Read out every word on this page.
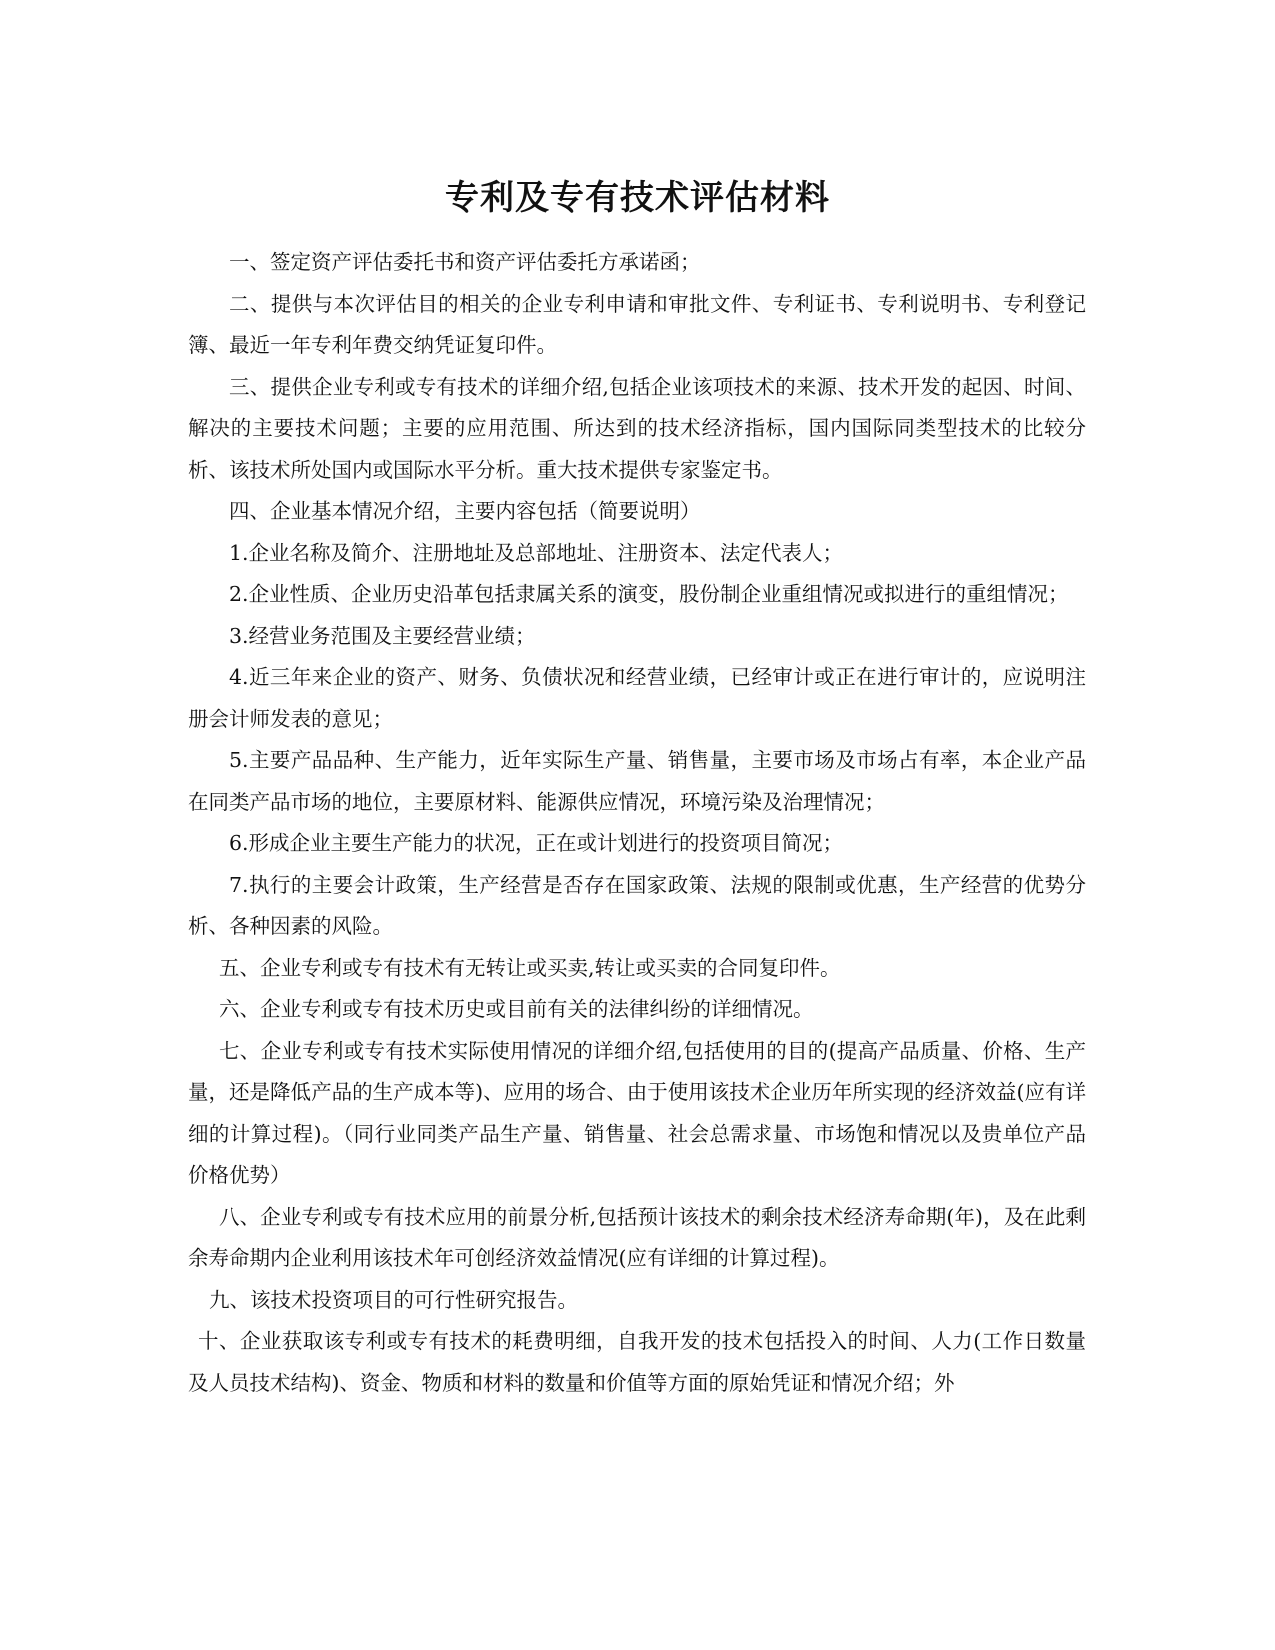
专利及专有技术评估材料

一、签定资产评估委托书和资产评估委托方承诺函；

二、提供与本次评估目的相关的企业专利申请和审批文件、专利证书、专利说明书、专利登记簿、最近一年专利年费交纳凭证复印件。

三、提供企业专利或专有技术的详细介绍,包括企业该项技术的来源、技术开发的起因、时间、解决的主要技术问题；主要的应用范围、所达到的技术经济指标，国内国际同类型技术的比较分析、该技术所处国内或国际水平分析。重大技术提供专家鉴定书。

四、企业基本情况介绍，主要内容包括（简要说明）

1.企业名称及简介、注册地址及总部地址、注册资本、法定代表人；

2.企业性质、企业历史沿革包括隶属关系的演变，股份制企业重组情况或拟进行的重组情况；

3.经营业务范围及主要经营业绩；

4.近三年来企业的资产、财务、负债状况和经营业绩，已经审计或正在进行审计的，应说明注册会计师发表的意见；

5.主要产品品种、生产能力，近年实际生产量、销售量，主要市场及市场占有率，本企业产品在同类产品市场的地位，主要原材料、能源供应情况，环境污染及治理情况；

6.形成企业主要生产能力的状况，正在或计划进行的投资项目简况；

7.执行的主要会计政策，生产经营是否存在国家政策、法规的限制或优惠，生产经营的优势分析、各种因素的风险。

五、企业专利或专有技术有无转让或买卖,转让或买卖的合同复印件。

六、企业专利或专有技术历史或目前有关的法律纠纷的详细情况。

七、企业专利或专有技术实际使用情况的详细介绍,包括使用的目的(提高产品质量、价格、生产量，还是降低产品的生产成本等)、应用的场合、由于使用该技术企业历年所实现的经济效益(应有详细的计算过程)。（同行业同类产品生产量、销售量、社会总需求量、市场饱和情况以及贵单位产品价格优势）

八、企业专利或专有技术应用的前景分析,包括预计该技术的剩余技术经济寿命期(年)，及在此剩余寿命期内企业利用该技术年可创经济效益情况(应有详细的计算过程)。

九、该技术投资项目的可行性研究报告。

十、企业获取该专利或专有技术的耗费明细，自我开发的技术包括投入的时间、人力(工作日数量及人员技术结构)、资金、物质和材料的数量和价值等方面的原始凭证和情况介绍；外
